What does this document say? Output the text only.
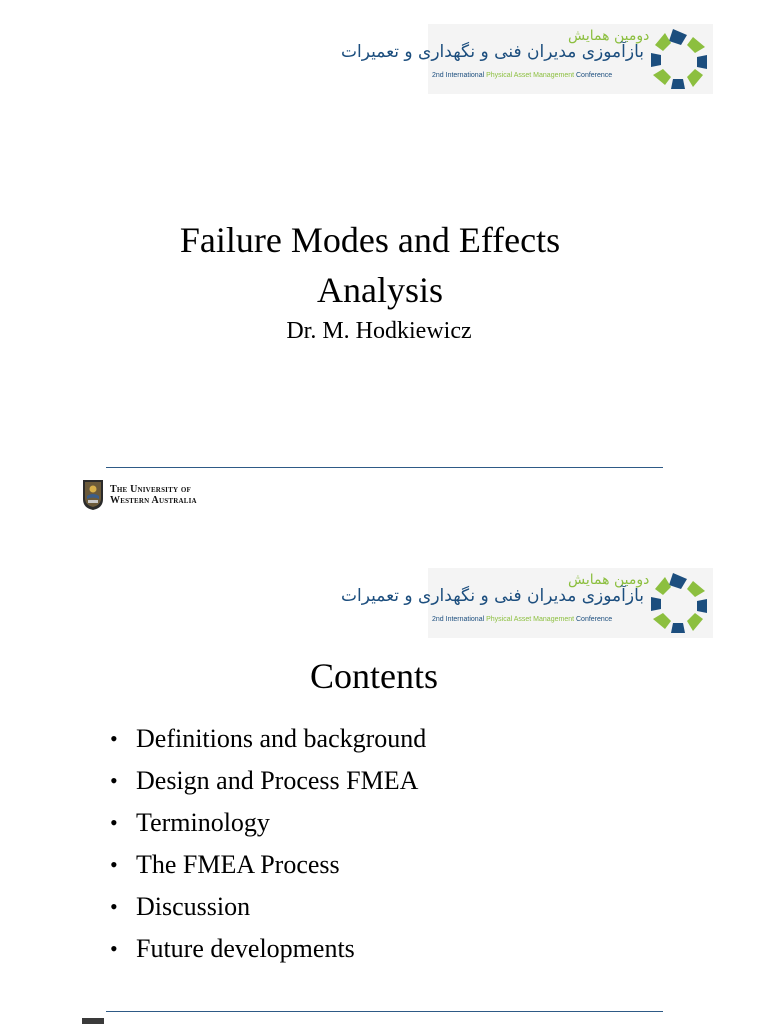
دومین همایش
بازآموزی مدیران فنی و نگهداری و تعمیرات
2nd International Physical Asset Management Conference
Failure Modes and Effects
Analysis
Dr. M. Hodkiewicz
The University of
Western Australia
دومین همایش
بازآموزی مدیران فنی و نگهداری و تعمیرات
2nd International Physical Asset Management Conference
Contents
• Definitions and background
• Design and Process FMEA
• Terminology
• The FMEA Process
• Discussion
• Future developments
